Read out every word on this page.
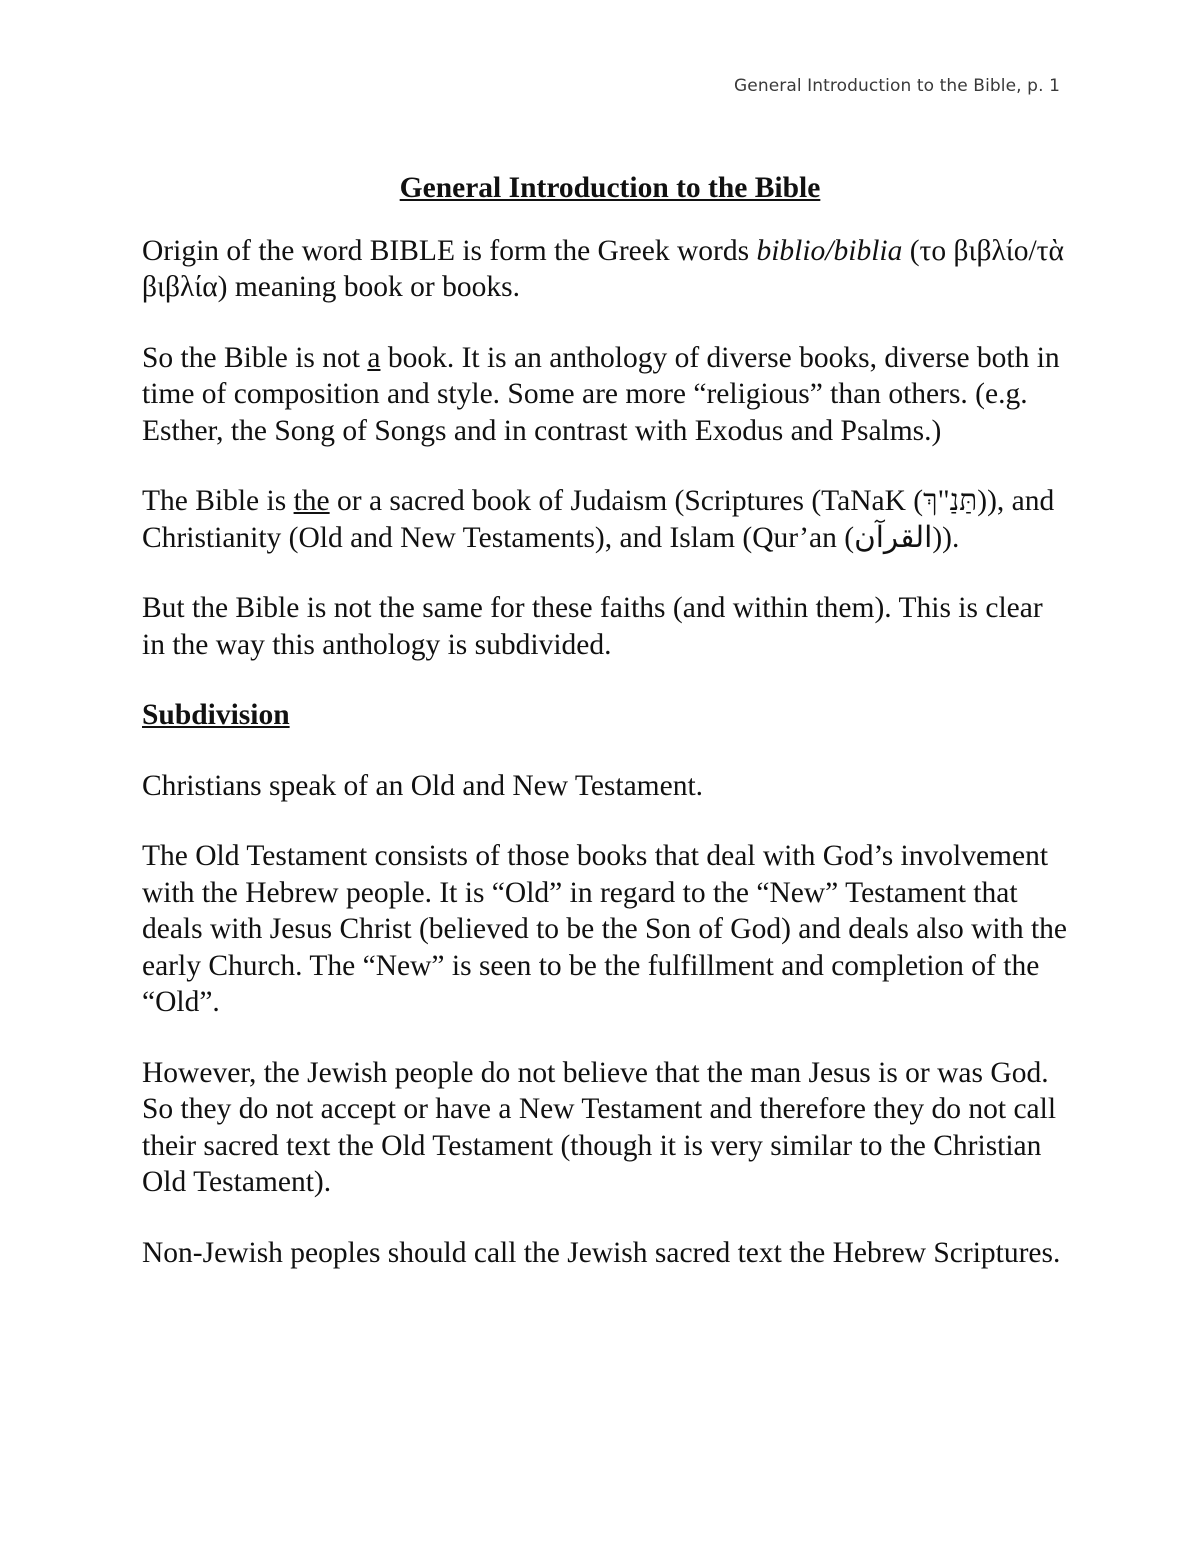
General Introduction to the Bible, p. 1
General Introduction to the Bible

Origin of the word BIBLE is form the Greek words biblio/biblia (το βιβλίο/τὰ βιβλία) meaning book or books.

So the Bible is not a book. It is an anthology of diverse books, diverse both in time of composition and style. Some are more “religious” than others. (e.g. Esther, the Song of Songs and in contrast with Exodus and Psalms.)

The Bible is the or a sacred book of Judaism (Scriptures (TaNaK (תַּנַ"ךְ)), and Christianity (Old and New Testaments), and Islam (Qur’an (القرآن)).

But the Bible is not the same for these faiths (and within them). This is clear in the way this anthology is subdivided.

Subdivision

Christians speak of an Old and New Testament.

The Old Testament consists of those books that deal with God’s involvement with the Hebrew people. It is “Old” in regard to the “New” Testament that deals with Jesus Christ (believed to be the Son of God) and deals also with the early Church. The “New” is seen to be the fulfillment and completion of the “Old”.

However, the Jewish people do not believe that the man Jesus is or was God. So they do not accept or have a New Testament and therefore they do not call their sacred text the Old Testament (though it is very similar to the Christian Old Testament).

Non-Jewish peoples should call the Jewish sacred text the Hebrew Scriptures.
